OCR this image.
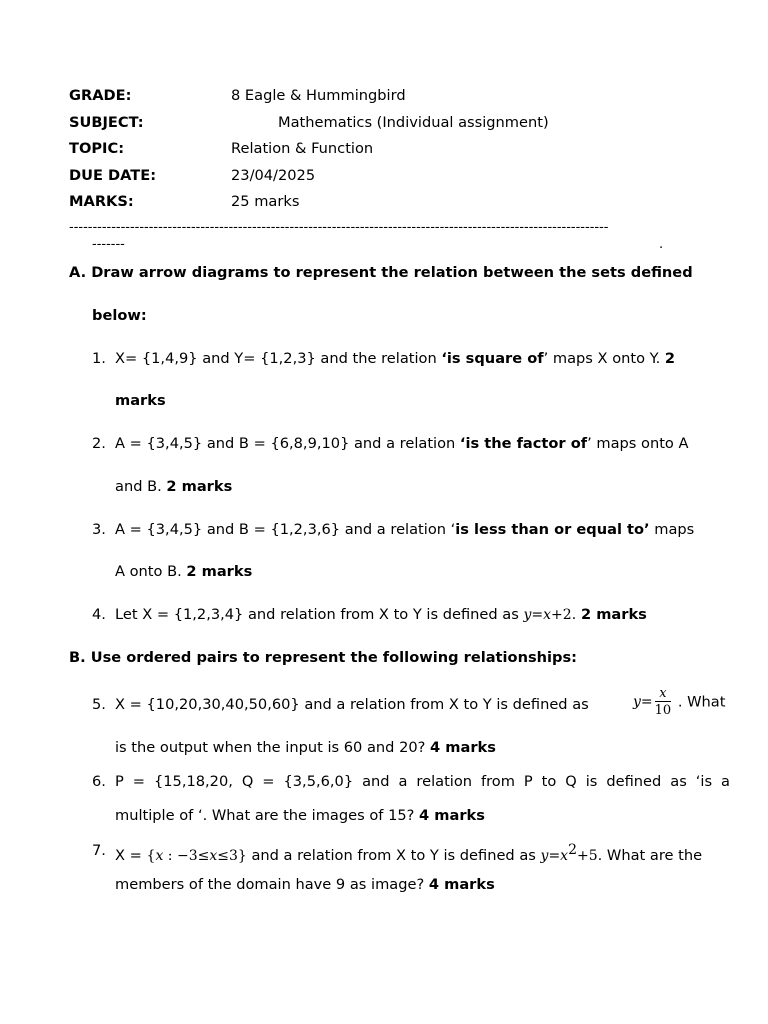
GRADE:	8 Eagle & Hummingbird
SUBJECT:	Mathematics (Individual assignment)
TOPIC:	Relation & Function
DUE DATE:	23/04/2025
MARKS:	25 marks
-------------------------------------------------------------------------------------------------------------------
-------	.
A. Draw arrow diagrams to represent the relation between the sets defined
below:
1. X= {1,4,9} and Y= {1,2,3} and the relation ‘is square of’ maps X onto Y. 2
marks
2. A = {3,4,5} and B = {6,8,9,10} and a relation ‘is the factor of’ maps onto A
and B. 2 marks
3. A = {3,4,5} and B = {1,2,3,6} and a relation ‘is less than or equal to’ maps
A onto B. 2 marks
4. Let X = {1,2,3,4} and relation from X to Y is defined as y=x+2. 2 marks
B. Use ordered pairs to represent the following relationships:
5. X = {10,20,30,40,50,60} and a relation from X to Y is defined as	$y= \frac{x}{10}$ . What
is the output when the input is 60 and 20? 4 marks
6. P = {15,18,20, Q = {3,5,6,0} and a relation from P to Q is defined as ‘is a
multiple of ‘. What are the images of 15? 4 marks
7. X = {x : −3≤x≤3} and a relation from X to Y is defined as $y=x^2+5$. What are the
members of the domain have 9 as image? 4 marks
